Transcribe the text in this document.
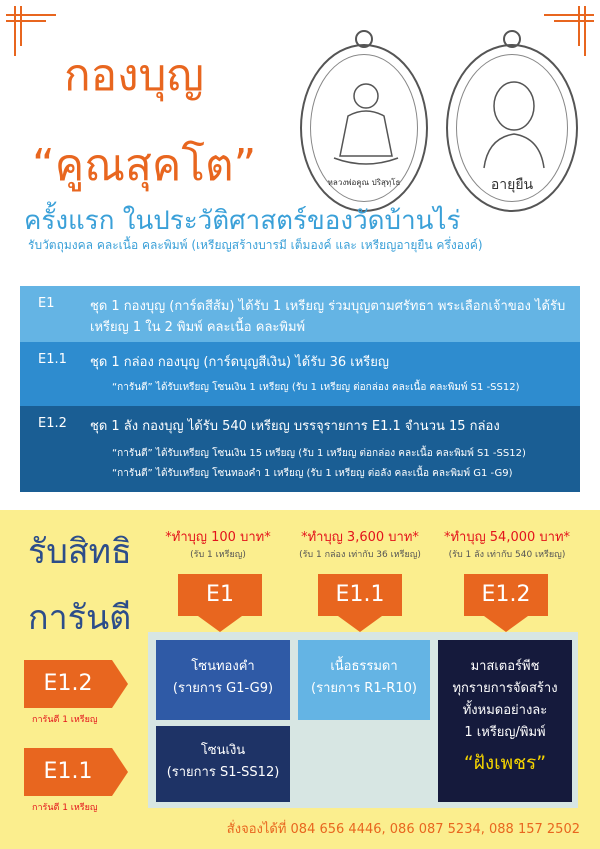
กองบุญ
“คูณสุคโต”	หลวงพ่อคูณ ปริสุทฺโธ	อายุยืน
ครั้งแรก ในประวัติศาสตร์ของวัดบ้านไร่
รับวัตถุมงคล คละเนื้อ คละพิมพ์ (เหรียญสร้างบารมี เต็มองค์ และ เหรียญอายุยืน ครึ่งองค์)
E1	ชุด 1 กองบุญ (การ์ดสีส้ม) ได้รับ 1 เหรียญ ร่วมบุญตามศรัทธา พระเลือกเจ้าของ ได้รับเหรียญ 1 ใน 2 พิมพ์ คละเนื้อ คละพิมพ์
E1.1 ชุด 1 กล่อง กองบุญ (การ์ดบุญสีเงิน) ได้รับ 36 เหรียญ
“การันตี” ได้รับเหรียญ โซนเงิน 1 เหรียญ (รับ 1 เหรียญ ต่อกล่อง คละเนื้อ คละพิมพ์ S1 -SS12)
E1.2 ชุด 1 ลัง กองบุญ ได้รับ 540 เหรียญ บรรจุรายการ E1.1 จำนวน 15 กล่อง
“การันตี” ได้รับเหรียญ โซนเงิน 15 เหรียญ (รับ 1 เหรียญ ต่อกล่อง คละเนื้อ คละพิมพ์ S1 -SS12)
“การันตี” ได้รับเหรียญ โซนทองคำ 1 เหรียญ (รับ 1 เหรียญ ต่อลัง คละเนื้อ คละพิมพ์ G1 -G9)
รับสิทธิ
การันตี
*ทำบุญ 100 บาท*
(รับ 1 เหรียญ)
*ทำบุญ 3,600 บาท*
(รับ 1 กล่อง เท่ากับ 36 เหรียญ)
*ทำบุญ 54,000 บาท*
(รับ 1 ลัง เท่ากับ 540 เหรียญ)
E1	E1.1	E1.2
E1.2
การันตี 1 เหรียญ
E1.1
การันตี 1 เหรียญ
โซนทองคำ
(รายการ G1-G9)
เนื้อธรรมดา
(รายการ R1-R10)
โซนเงิน
(รายการ S1-SS12)
มาสเตอร์พีช
ทุกรายการจัดสร้าง
ทั้งหมดอย่างละ
1 เหรียญ/พิมพ์
“ฝังเพชร”
สั่งจองได้ที่ 084 656 4446, 086 087 5234, 088 157 2502
